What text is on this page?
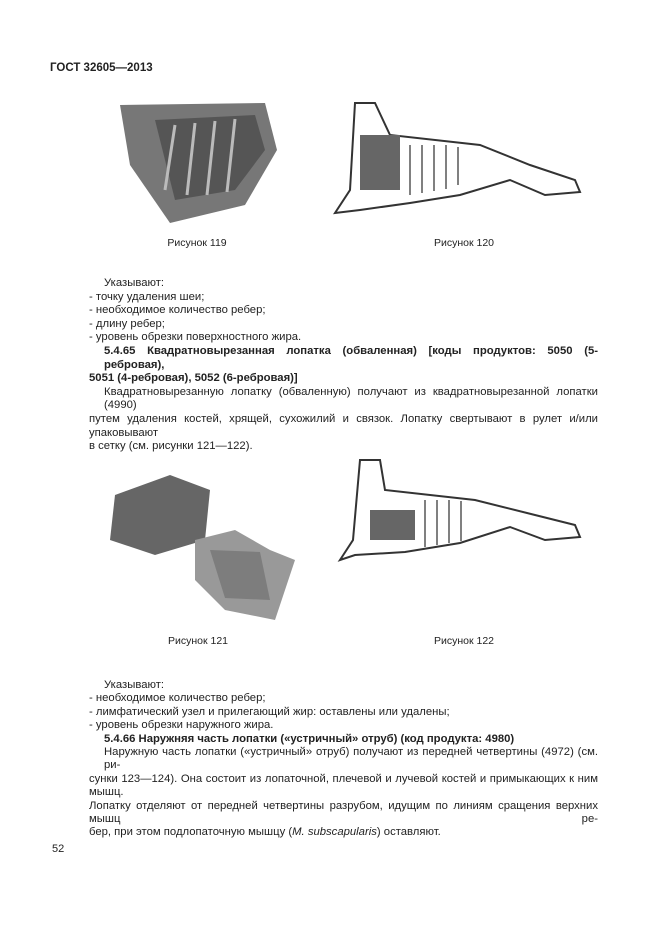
ГОСТ 32605—2013
Рисунок 119	Рисунок 120
Указывают:
- точку удаления шеи;
- необходимое количество ребер;
- длину ребер;
- уровень обрезки поверхностного жира.
5.4.65 Квадратновырезанная лопатка (обваленная) [коды продуктов: 5050 (5-ребровая),
5051 (4-ребровая), 5052 (6-ребровая)]
Квадратновырезанную лопатку (обваленную) получают из квадратновырезанной лопатки (4990)
путем удаления костей, хрящей, сухожилий и связок. Лопатку свертывают в рулет и/или упаковывают
в сетку (см. рисунки 121—122).
Рисунок 121	Рисунок 122
Указывают:
- необходимое количество ребер;
- лимфатический узел и прилегающий жир: оставлены или удалены;
- уровень обрезки наружного жира.
5.4.66 Наружняя часть лопатки («устричный» отруб) (код продукта: 4980)
Наружную часть лопатки («устричный» отруб) получают из передней четвертины (4972) (см. ри-
сунки 123—124). Она состоит из лопаточной, плечевой и лучевой костей и примыкающих к ним мышц.
Лопатку отделяют от передней четвертины разрубом, идущим по линиям сращения верхних мышц ре-
бер, при этом подлопаточную мышцу (M. subscapularis) оставляют.
52
